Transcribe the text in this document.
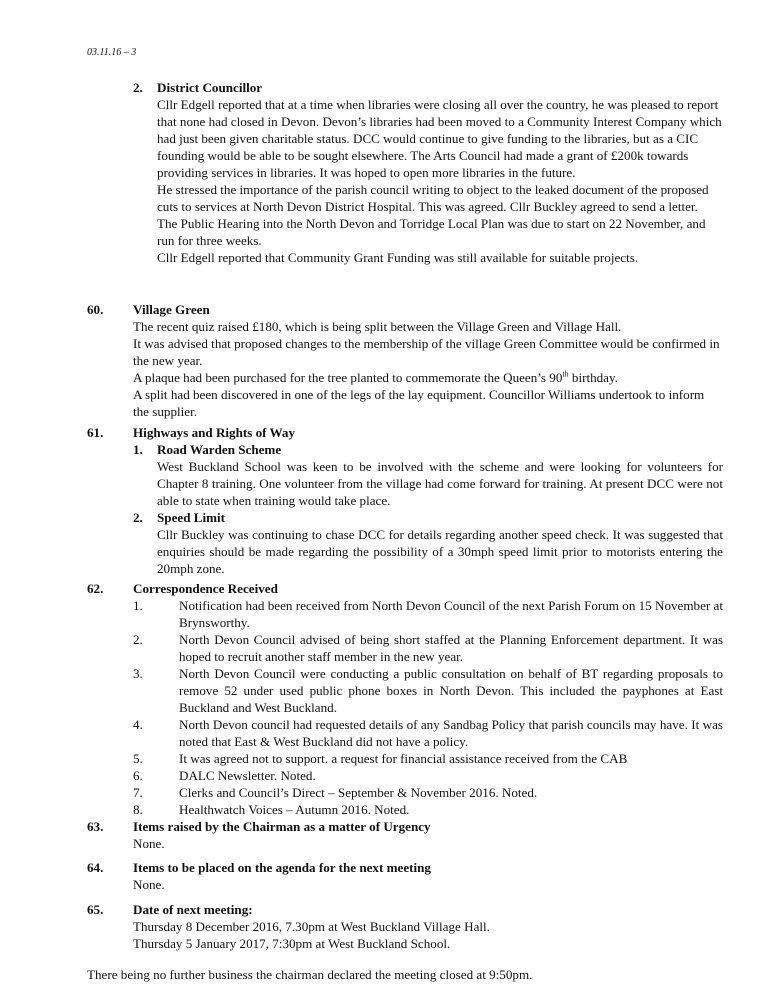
03.11.16 – 3
2. District Councillor

Cllr Edgell reported that at a time when libraries were closing all over the country, he was pleased to report that none had closed in Devon. Devon’s libraries had been moved to a Community Interest Company which had just been given charitable status. DCC would continue to give funding to the libraries, but as a CIC founding would be able to be sought elsewhere. The Arts Council had made a grant of £200k towards providing services in libraries. It was hoped to open more libraries in the future.

He stressed the importance of the parish council writing to object to the leaked document of the proposed cuts to services at North Devon District Hospital. This was agreed. Cllr Buckley agreed to send a letter.

The Public Hearing into the North Devon and Torridge Local Plan was due to start on 22 November, and run for three weeks.

Cllr Edgell reported that Community Grant Funding was still available for suitable projects.

60. Village Green

The recent quiz raised £180, which is being split between the Village Green and Village Hall.

It was advised that proposed changes to the membership of the village Green Committee would be confirmed in the new year.

A plaque had been purchased for the tree planted to commemorate the Queen’s 90th birthday.

A split had been discovered in one of the legs of the lay equipment. Councillor Williams undertook to inform the supplier.

61. Highways and Rights of Way
1. Road Warden Scheme

West Buckland School was keen to be involved with the scheme and were looking for volunteers for Chapter 8 training. One volunteer from the village had come forward for training. At present DCC were not able to state when training would take place.

2. Speed Limit

Cllr Buckley was continuing to chase DCC for details regarding another speed check. It was suggested that enquiries should be made regarding the possibility of a 30mph speed limit prior to motorists entering the 20mph zone.

62. Correspondence Received
1.	Notification had been received from North Devon Council of the next Parish Forum on 15 November at Brynsworthy.

2.	North Devon Council advised of being short staffed at the Planning Enforcement department. It was hoped to recruit another staff member in the new year.

3.	North Devon Council were conducting a public consultation on behalf of BT regarding proposals to remove 52 under used public phone boxes in North Devon. This included the payphones at East Buckland and West Buckland.

4.	North Devon council had requested details of any Sandbag Policy that parish councils may have. It was noted that East & West Buckland did not have a policy.

5.	It was agreed not to support. a request for financial assistance received from the CAB

6.	DALC Newsletter. Noted.

7.	Clerks and Council’s Direct – September & November 2016. Noted.

8.	Healthwatch Voices – Autumn 2016. Noted.

63. Items raised by the Chairman as a matter of Urgency

None.

64. Items to be placed on the agenda for the next meeting

None.

65. Date of next meeting:

Thursday 8 December 2016, 7.30pm at West Buckland Village Hall.

Thursday 5 January 2017, 7:30pm at West Buckland School.

There being no further business the chairman declared the meeting closed at 9:50pm.
